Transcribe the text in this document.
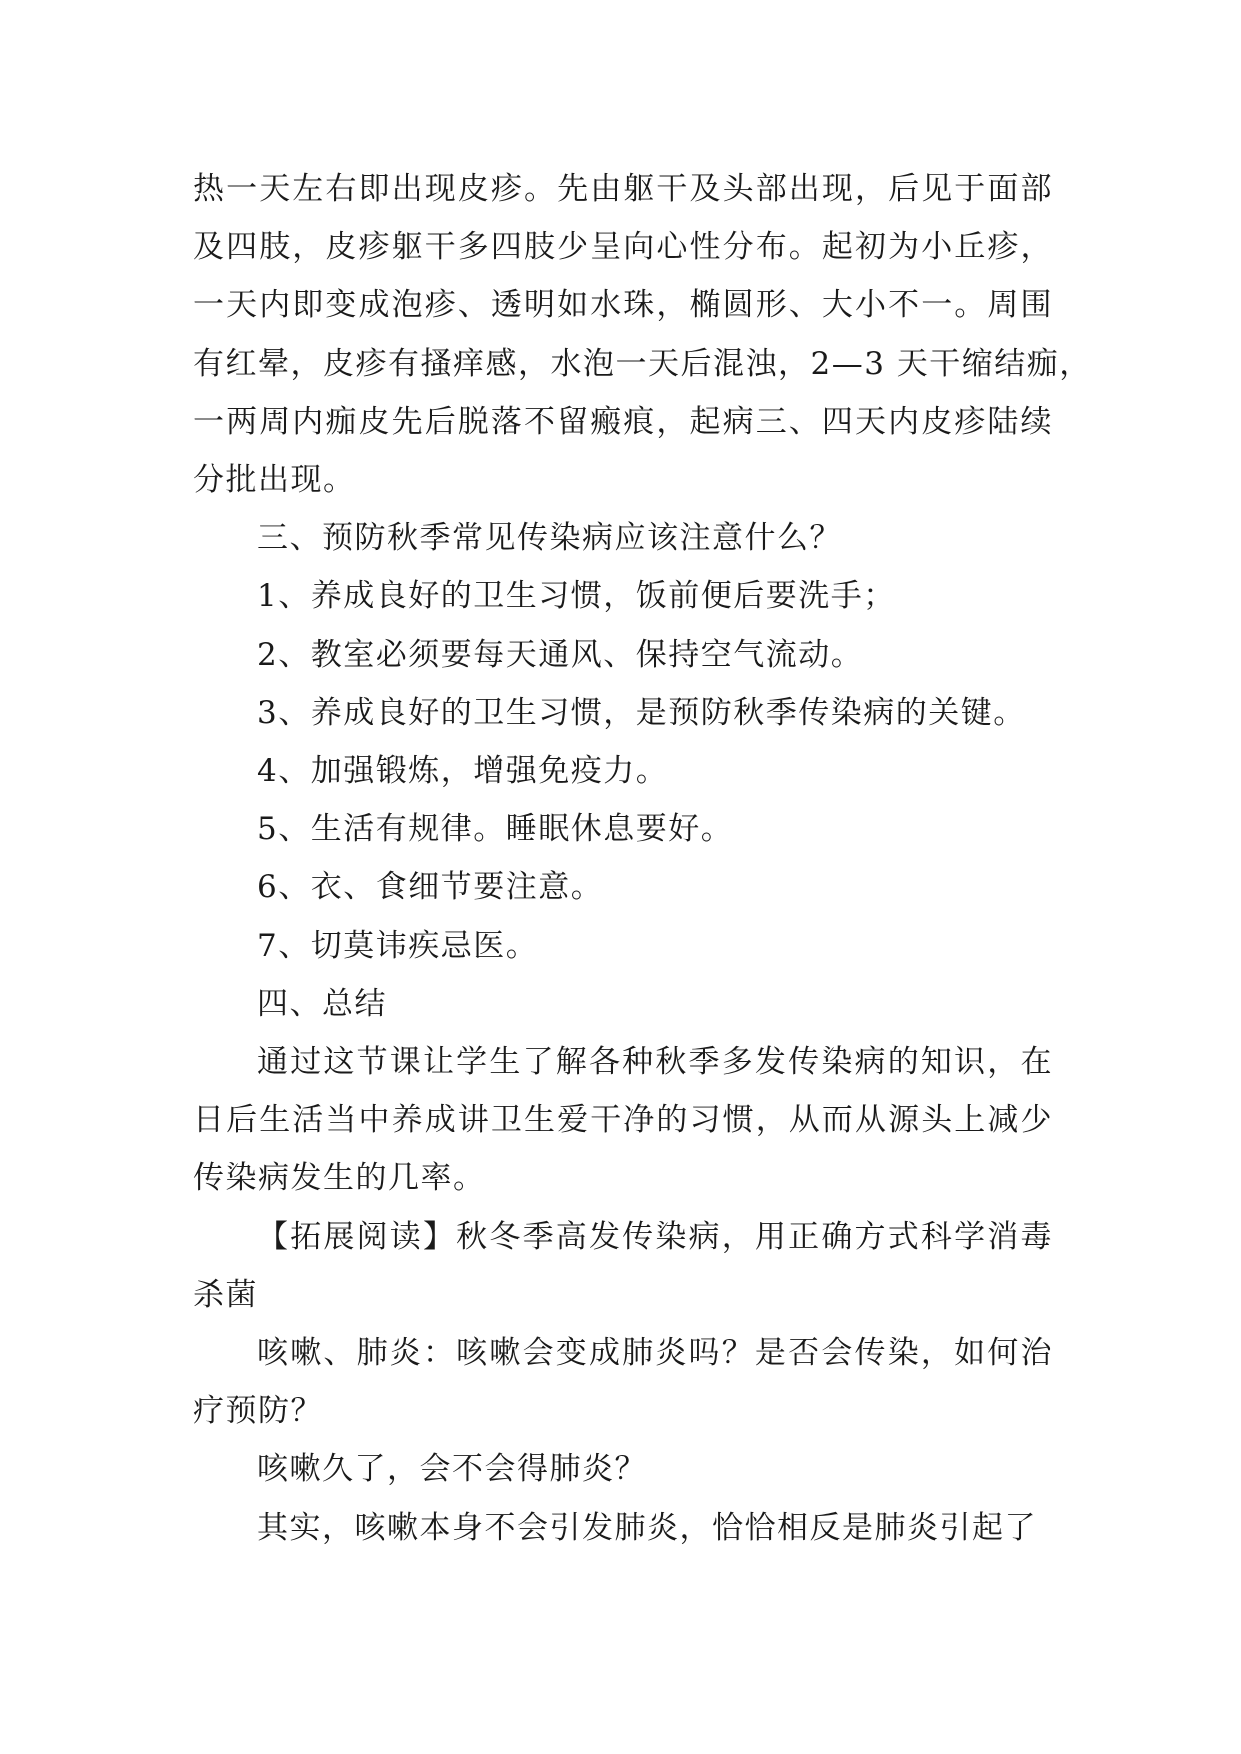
热一天左右即出现皮疹。先由躯干及头部出现，后见于面部
及四肢，皮疹躯干多四肢少呈向心性分布。起初为小丘疹，
一天内即变成泡疹、透明如水珠，椭圆形、大小不一。周围
有红晕，皮疹有搔痒感，水泡一天后混浊，2—3 天干缩结痂，
一两周内痂皮先后脱落不留瘢痕，起病三、四天内皮疹陆续
分批出现。

三、预防秋季常见传染病应该注意什么？

1、养成良好的卫生习惯，饭前便后要洗手；

2、教室必须要每天通风、保持空气流动。

3、养成良好的卫生习惯，是预防秋季传染病的关键。

4、加强锻炼，增强免疫力。

5、生活有规律。睡眠休息要好。

6、衣、食细节要注意。

7、切莫讳疾忌医。

四、总结

通过这节课让学生了解各种秋季多发传染病的知识，在
日后生活当中养成讲卫生爱干净的习惯，从而从源头上减少
传染病发生的几率。

【拓展阅读】秋冬季高发传染病，用正确方式科学消毒
杀菌

咳嗽、肺炎：咳嗽会变成肺炎吗？是否会传染，如何治
疗预防？

咳嗽久了，会不会得肺炎？

其实，咳嗽本身不会引发肺炎，恰恰相反是肺炎引起了
